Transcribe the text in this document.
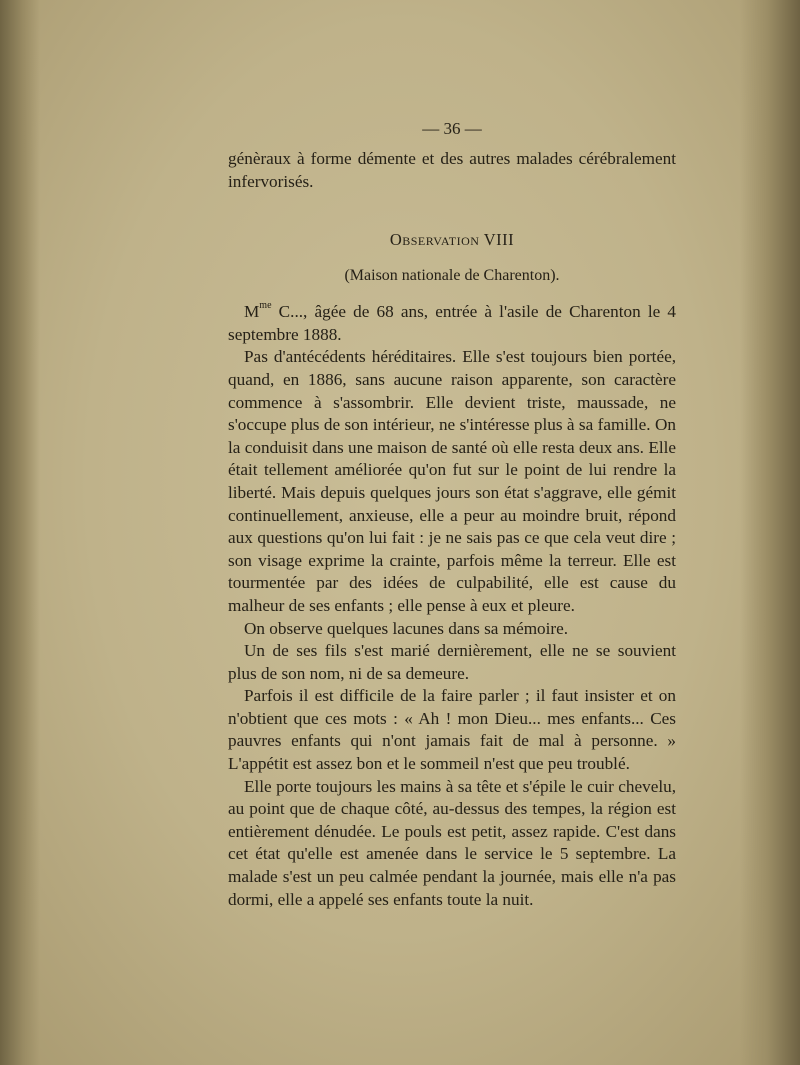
— 36 —

génèraux à forme démente et des autres malades cérébralement infervorisés.

Observation VIII
(Maison nationale de Charenton).

$M^{me}$ C..., âgée de 68 ans, entrée à l'asile de Charenton le 4 septembre 1888.

Pas d'antécédents héréditaires. Elle s'est toujours bien portée, quand, en 1886, sans aucune raison apparente, son caractère commence à s'assombrir. Elle devient triste, maussade, ne s'occupe plus de son intérieur, ne s'intéresse plus à sa famille. On la conduisit dans une maison de santé où elle resta deux ans. Elle était tellement améliorée qu'on fut sur le point de lui rendre la liberté. Mais depuis quelques jours son état s'aggrave, elle gémit continuellement, anxieuse, elle a peur au moindre bruit, répond aux questions qu'on lui fait : je ne sais pas ce que cela veut dire ; son visage exprime la crainte, parfois même la terreur. Elle est tourmentée par des idées de culpabilité, elle est cause du malheur de ses enfants ; elle pense à eux et pleure.

On observe quelques lacunes dans sa mémoire.

Un de ses fils s'est marié dernièrement, elle ne se souvient plus de son nom, ni de sa demeure.

Parfois il est difficile de la faire parler ; il faut insister et on n'obtient que ces mots : « Ah ! mon Dieu... mes enfants... Ces pauvres enfants qui n'ont jamais fait de mal à personne. » L'appétit est assez bon et le sommeil n'est que peu troublé.

Elle porte toujours les mains à sa tête et s'épile le cuir chevelu, au point que de chaque côté, au-dessus des tempes, la région est entièrement dénudée. Le pouls est petit, assez rapide. C'est dans cet état qu'elle est amenée dans le service le 5 septembre. La malade s'est un peu calmée pendant la journée, mais elle n'a pas dormi, elle a appelé ses enfants toute la nuit.
